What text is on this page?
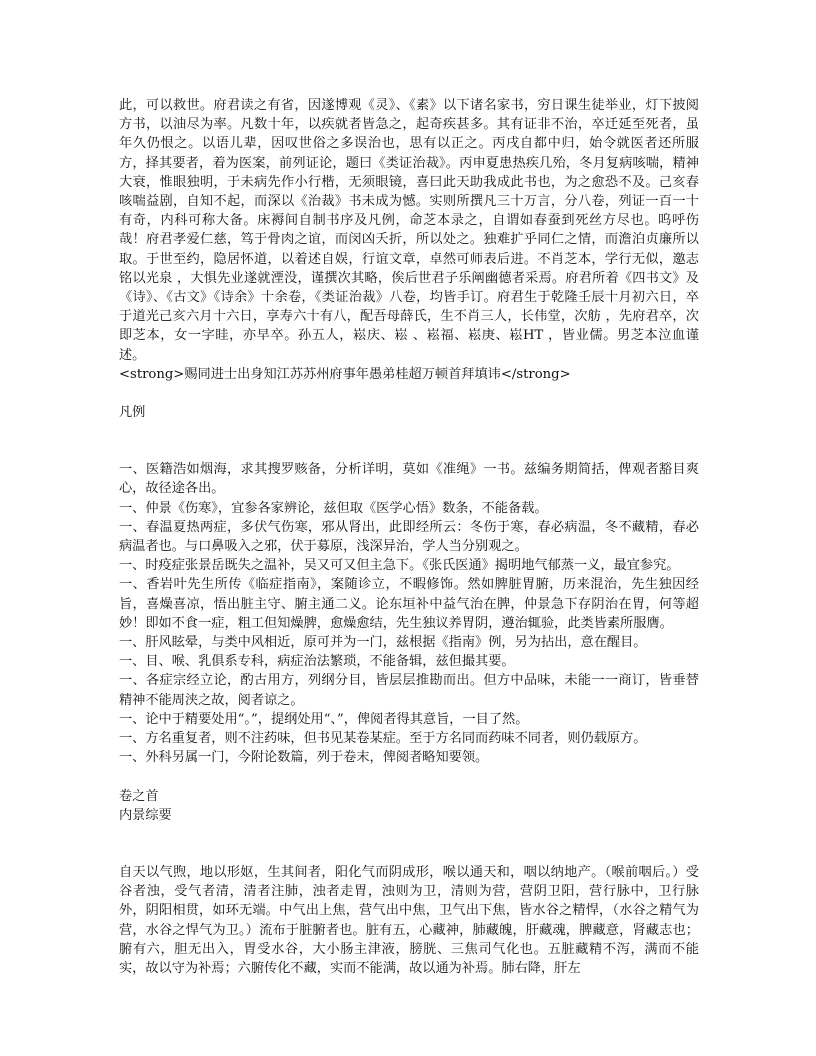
此，可以救世。府君读之有省，因遂博观《灵》、《素》以下诸名家书，穷日课生徒举业，灯下披阅方书，以油尽为率。凡数十年，以疾就者皆急之，起奇疾甚多。其有证非不治，卒迁延至死者，虽年久仍恨之。以语儿辈，因叹世俗之多误治也，思有以正之。丙戌自都中归，始令就医者还所服方，择其要者，着为医案，前列证论，题曰《类证治裁》。丙申夏患热疾几殆，冬月复病咳喘，精神大衰，惟眼独明，于未病先作小行楷，无须眼镜，喜曰此天助我成此书也，为之愈恐不及。己亥春咳喘益剧，自知不起，而深以《治裁》书未成为憾。实则所撰凡三十万言，分八卷，列证一百一十有奇，内科可称大备。床褥间自制书序及凡例，命芝本录之，自谓如春蚕到死丝方尽也。呜呼伤哉！府君孝爱仁慈，笃于骨肉之谊，而闵凶夭折，所以处之。独难扩乎同仁之情，而澹泊贞廉所以取。于世至约，隐居怀道，以着述自娱，行谊文章，卓然可师表后进。不肖芝本，学行无似，邀志铭以光泉 ，大惧先业遂就湮没，谨撰次其略，俟后世君子乐阐幽德者采焉。府君所着《四书文》及《诗》、《古文》《诗余》十余卷，《类证治裁》八卷，均皆手订。府君生于乾隆壬辰十月初六日，卒于道光己亥六月十六日，享寿六十有八，配吾母薛氏，生不肖三人，长伟堂，次舫 ，先府君卒，次即芝本，女一字眭，亦早卒。孙五人，崧庆、崧 、崧福、崧庚、崧HT ，皆业儒。男芝本泣血谨述。

<strong>赐同进士出身知江苏苏州府事年愚弟桂超万顿首拜填讳</strong>

凡例

一、医籍浩如烟海，求其搜罗赅备，分析详明，莫如《准绳》一书。兹编务期简括，俾观者豁目爽心，故径途各出。

一、仲景《伤寒》，宜参各家辨论，兹但取《医学心悟》数条，不能备载。

一、春温夏热两症，多伏气伤寒，邪从肾出，此即经所云：冬伤于寒，春必病温，冬不藏精，春必病温者也。与口鼻吸入之邪，伏于募原，浅深异治，学人当分别观之。

一、时疫症张景岳既失之温补，吴又可又但主急下。《张氏医通》揭明地气郁蒸一义，最宜参究。

一、香岩叶先生所传《临症指南》，案随诊立，不暇修饰。然如脾脏胃腑，历来混治，先生独因经旨，喜燥喜凉，悟出脏主守、腑主通二义。论东垣补中益气治在脾，仲景急下存阴治在胃，何等超妙！即如不食一症，粗工但知燥脾，愈燥愈结，先生独议养胃阴，遵治辄验，此类皆素所服膺。

一、肝风眩晕，与类中风相近，原可并为一门，兹根据《指南》例，另为拈出，意在醒目。

一、目、喉、乳俱系专科，病症治法繁琐，不能备辑，兹但撮其要。

一、各症宗经立论，酌古用方，列纲分目，皆层层推勘而出。但方中品味，未能一一商订，皆垂替精神不能周浃之故，阅者谅之。

一、论中于精要处用“。”，提纲处用“、”，俾阅者得其意旨，一目了然。

一、方名重复者，则不注药味，但书见某卷某症。至于方名同而药味不同者，则仍载原方。

一、外科另属一门，今附论数篇，列于卷末，俾阅者略知要领。

卷之首

内景综要

自天以气煦，地以形妪，生其间者，阳化气而阴成形，喉以通天和，咽以纳地产。（喉前咽后。）受谷者浊，受气者清，清者注肺，浊者走胃，浊则为卫，清则为营，营阴卫阳，营行脉中，卫行脉外，阴阳相贯，如环无端。中气出上焦，营气出中焦，卫气出下焦，皆水谷之精悍，（水谷之精气为营，水谷之悍气为卫。）流布于脏腑者也。脏有五，心藏神，肺藏魄，肝藏魂，脾藏意，肾藏志也；腑有六，胆无出入，胃受水谷，大小肠主津液，膀胱、三焦司气化也。五脏藏精不泻，满而不能实，故以守为补焉；六腑传化不藏，实而不能满，故以通为补焉。肺右降，肝左
